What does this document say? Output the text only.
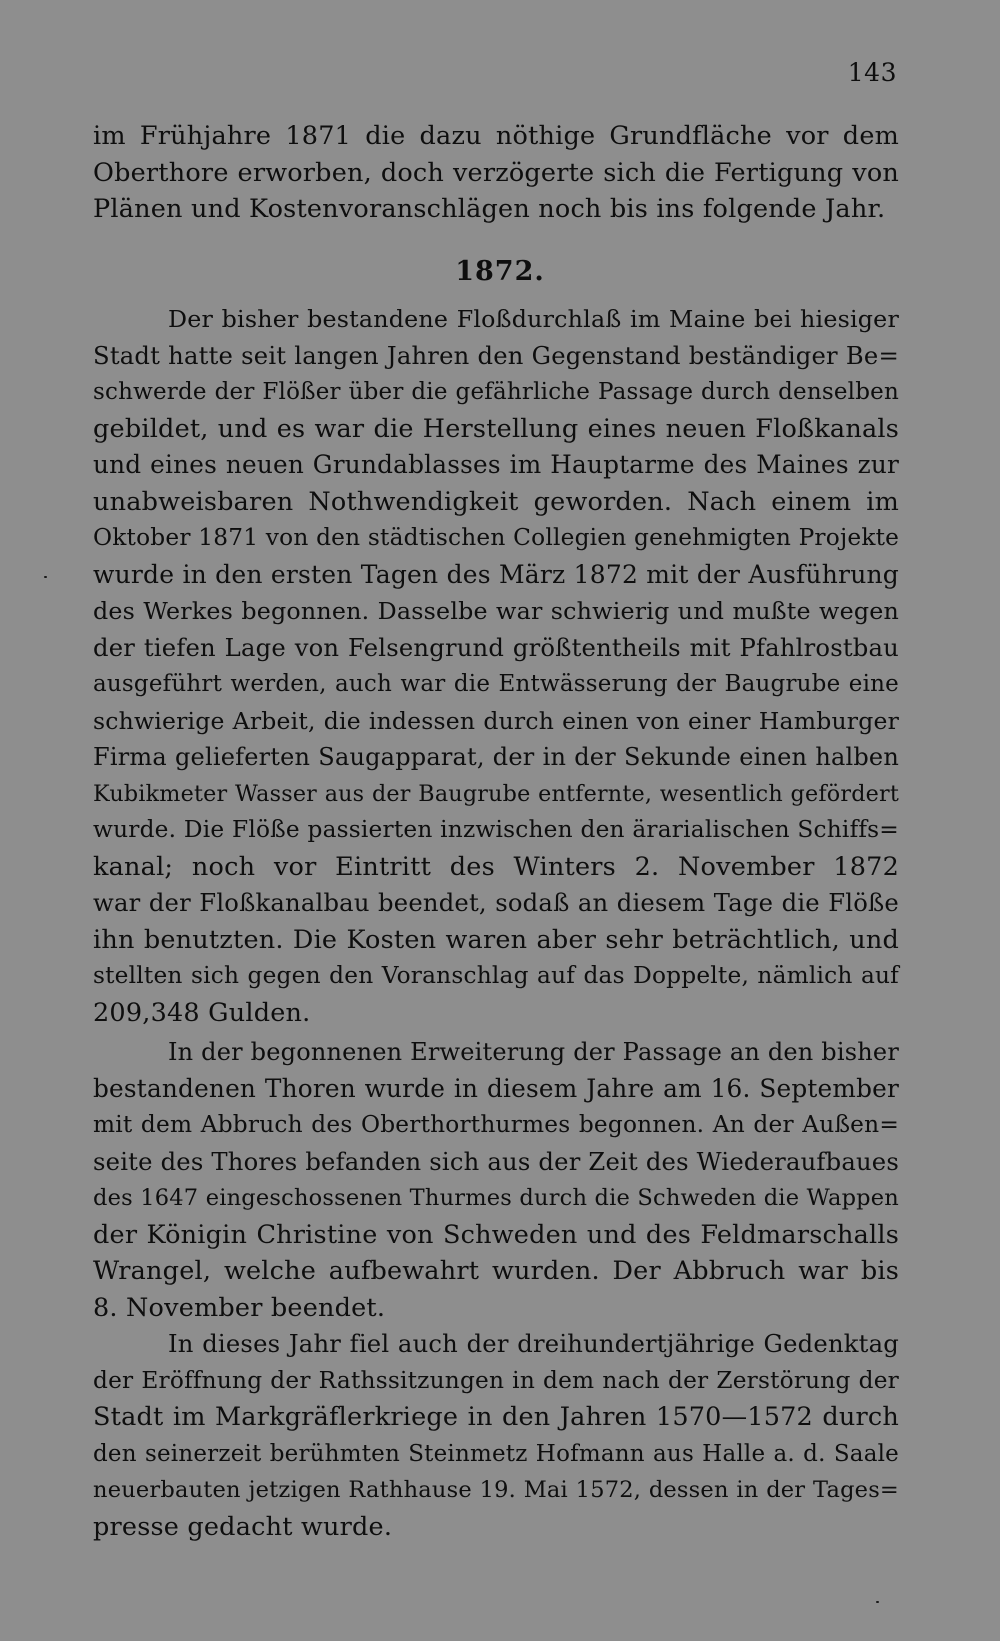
143
im Frühjahre 1871 die dazu nöthige Grundfläche vor dem
Oberthore erworben, doch verzögerte sich die Fertigung von
Plänen und Kostenvoranschlägen noch bis ins folgende Jahr.
1872.
Der bisher bestandene Floßdurchlaß im Maine bei hiesiger
Stadt hatte seit langen Jahren den Gegenstand beständiger Be=
schwerde der Flößer über die gefährliche Passage durch denselben
gebildet, und es war die Herstellung eines neuen Floßkanals
und eines neuen Grundablasses im Hauptarme des Maines zur
unabweisbaren Nothwendigkeit geworden. Nach einem im
Oktober 1871 von den städtischen Collegien genehmigten Projekte
wurde in den ersten Tagen des März 1872 mit der Ausführung
des Werkes begonnen. Dasselbe war schwierig und mußte wegen
der tiefen Lage von Felsengrund größtentheils mit Pfahlrostbau
ausgeführt werden, auch war die Entwässerung der Baugrube eine
schwierige Arbeit, die indessen durch einen von einer Hamburger
Firma gelieferten Saugapparat, der in der Sekunde einen halben
Kubikmeter Wasser aus der Baugrube entfernte, wesentlich gefördert
wurde. Die Flöße passierten inzwischen den ärarialischen Schiffs=
kanal; noch vor Eintritt des Winters 2. November 1872
war der Floßkanalbau beendet, sodaß an diesem Tage die Flöße
ihn benutzten. Die Kosten waren aber sehr beträchtlich, und
stellten sich gegen den Voranschlag auf das Doppelte, nämlich auf
209,348 Gulden.
In der begonnenen Erweiterung der Passage an den bisher
bestandenen Thoren wurde in diesem Jahre am 16. September
mit dem Abbruch des Oberthorthurmes begonnen. An der Außen=
seite des Thores befanden sich aus der Zeit des Wiederaufbaues
des 1647 eingeschossenen Thurmes durch die Schweden die Wappen
der Königin Christine von Schweden und des Feldmarschalls
Wrangel, welche aufbewahrt wurden. Der Abbruch war bis
8. November beendet.
In dieses Jahr fiel auch der dreihundertjährige Gedenktag
der Eröffnung der Rathssitzungen in dem nach der Zerstörung der
Stadt im Markgräflerkriege in den Jahren 1570—1572 durch
den seinerzeit berühmten Steinmetz Hofmann aus Halle a. d. Saale
neuerbauten jetzigen Rathhause 19. Mai 1572, dessen in der Tages=
presse gedacht wurde.
